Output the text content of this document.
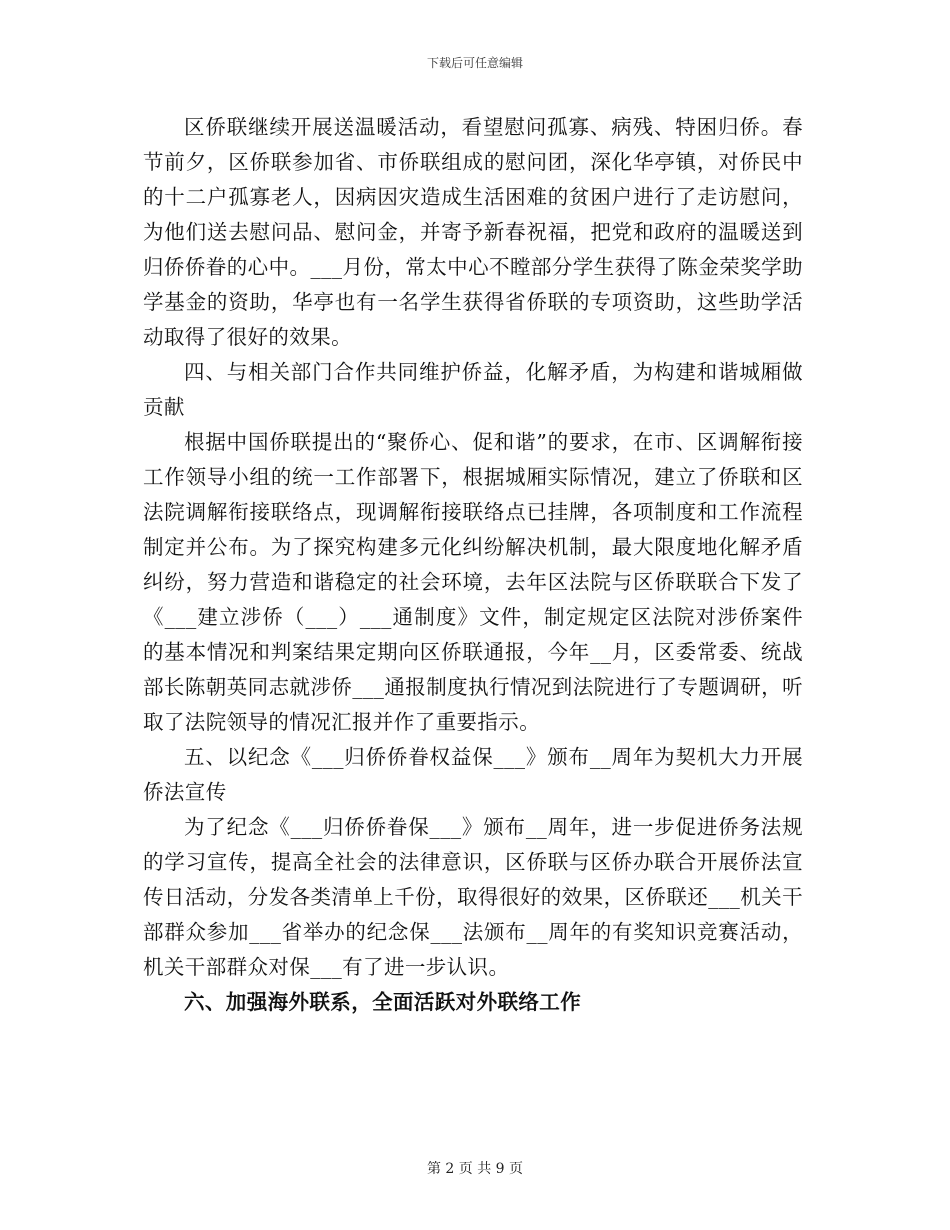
下载后可任意编辑

区侨联继续开展送温暖活动，看望慰问孤寡、病残、特困归侨。春节前夕，区侨联参加省、市侨联组成的慰问团，深化华亭镇，对侨民中的十二户孤寡老人，因病因灾造成生活困难的贫困户进行了走访慰问，为他们送去慰问品、慰问金，并寄予新春祝福，把党和政府的温暖送到归侨侨眷的心中。___月份，常太中心不瞠部分学生获得了陈金荣奖学助学基金的资助，华亭也有一名学生获得省侨联的专项资助，这些助学活动取得了很好的效果。

四、与相关部门合作共同维护侨益，化解矛盾，为构建和谐城厢做贡献

根据中国侨联提出的“聚侨心、促和谐”的要求，在市、区调解衔接工作领导小组的统一工作部署下，根据城厢实际情况，建立了侨联和区法院调解衔接联络点，现调解衔接联络点已挂牌，各项制度和工作流程制定并公布。为了探究构建多元化纠纷解决机制，最大限度地化解矛盾纠纷，努力营造和谐稳定的社会环境，去年区法院与区侨联联合下发了《___建立涉侨（___）___通制度》文件，制定规定区法院对涉侨案件的基本情况和判案结果定期向区侨联通报，今年__月，区委常委、统战部长陈朝英同志就涉侨___通报制度执行情况到法院进行了专题调研，听取了法院领导的情况汇报并作了重要指示。

五、以纪念《___归侨侨眷权益保___》颁布__周年为契机大力开展侨法宣传

为了纪念《___归侨侨眷保___》颁布__周年，进一步促进侨务法规的学习宣传，提高全社会的法律意识，区侨联与区侨办联合开展侨法宣传日活动，分发各类清单上千份，取得很好的效果，区侨联还___机关干部群众参加___省举办的纪念保___法颁布__周年的有奖知识竞赛活动，机关干部群众对保___有了进一步认识。

六、加强海外联系，全面活跃对外联络工作

第 2 页 共 9 页
